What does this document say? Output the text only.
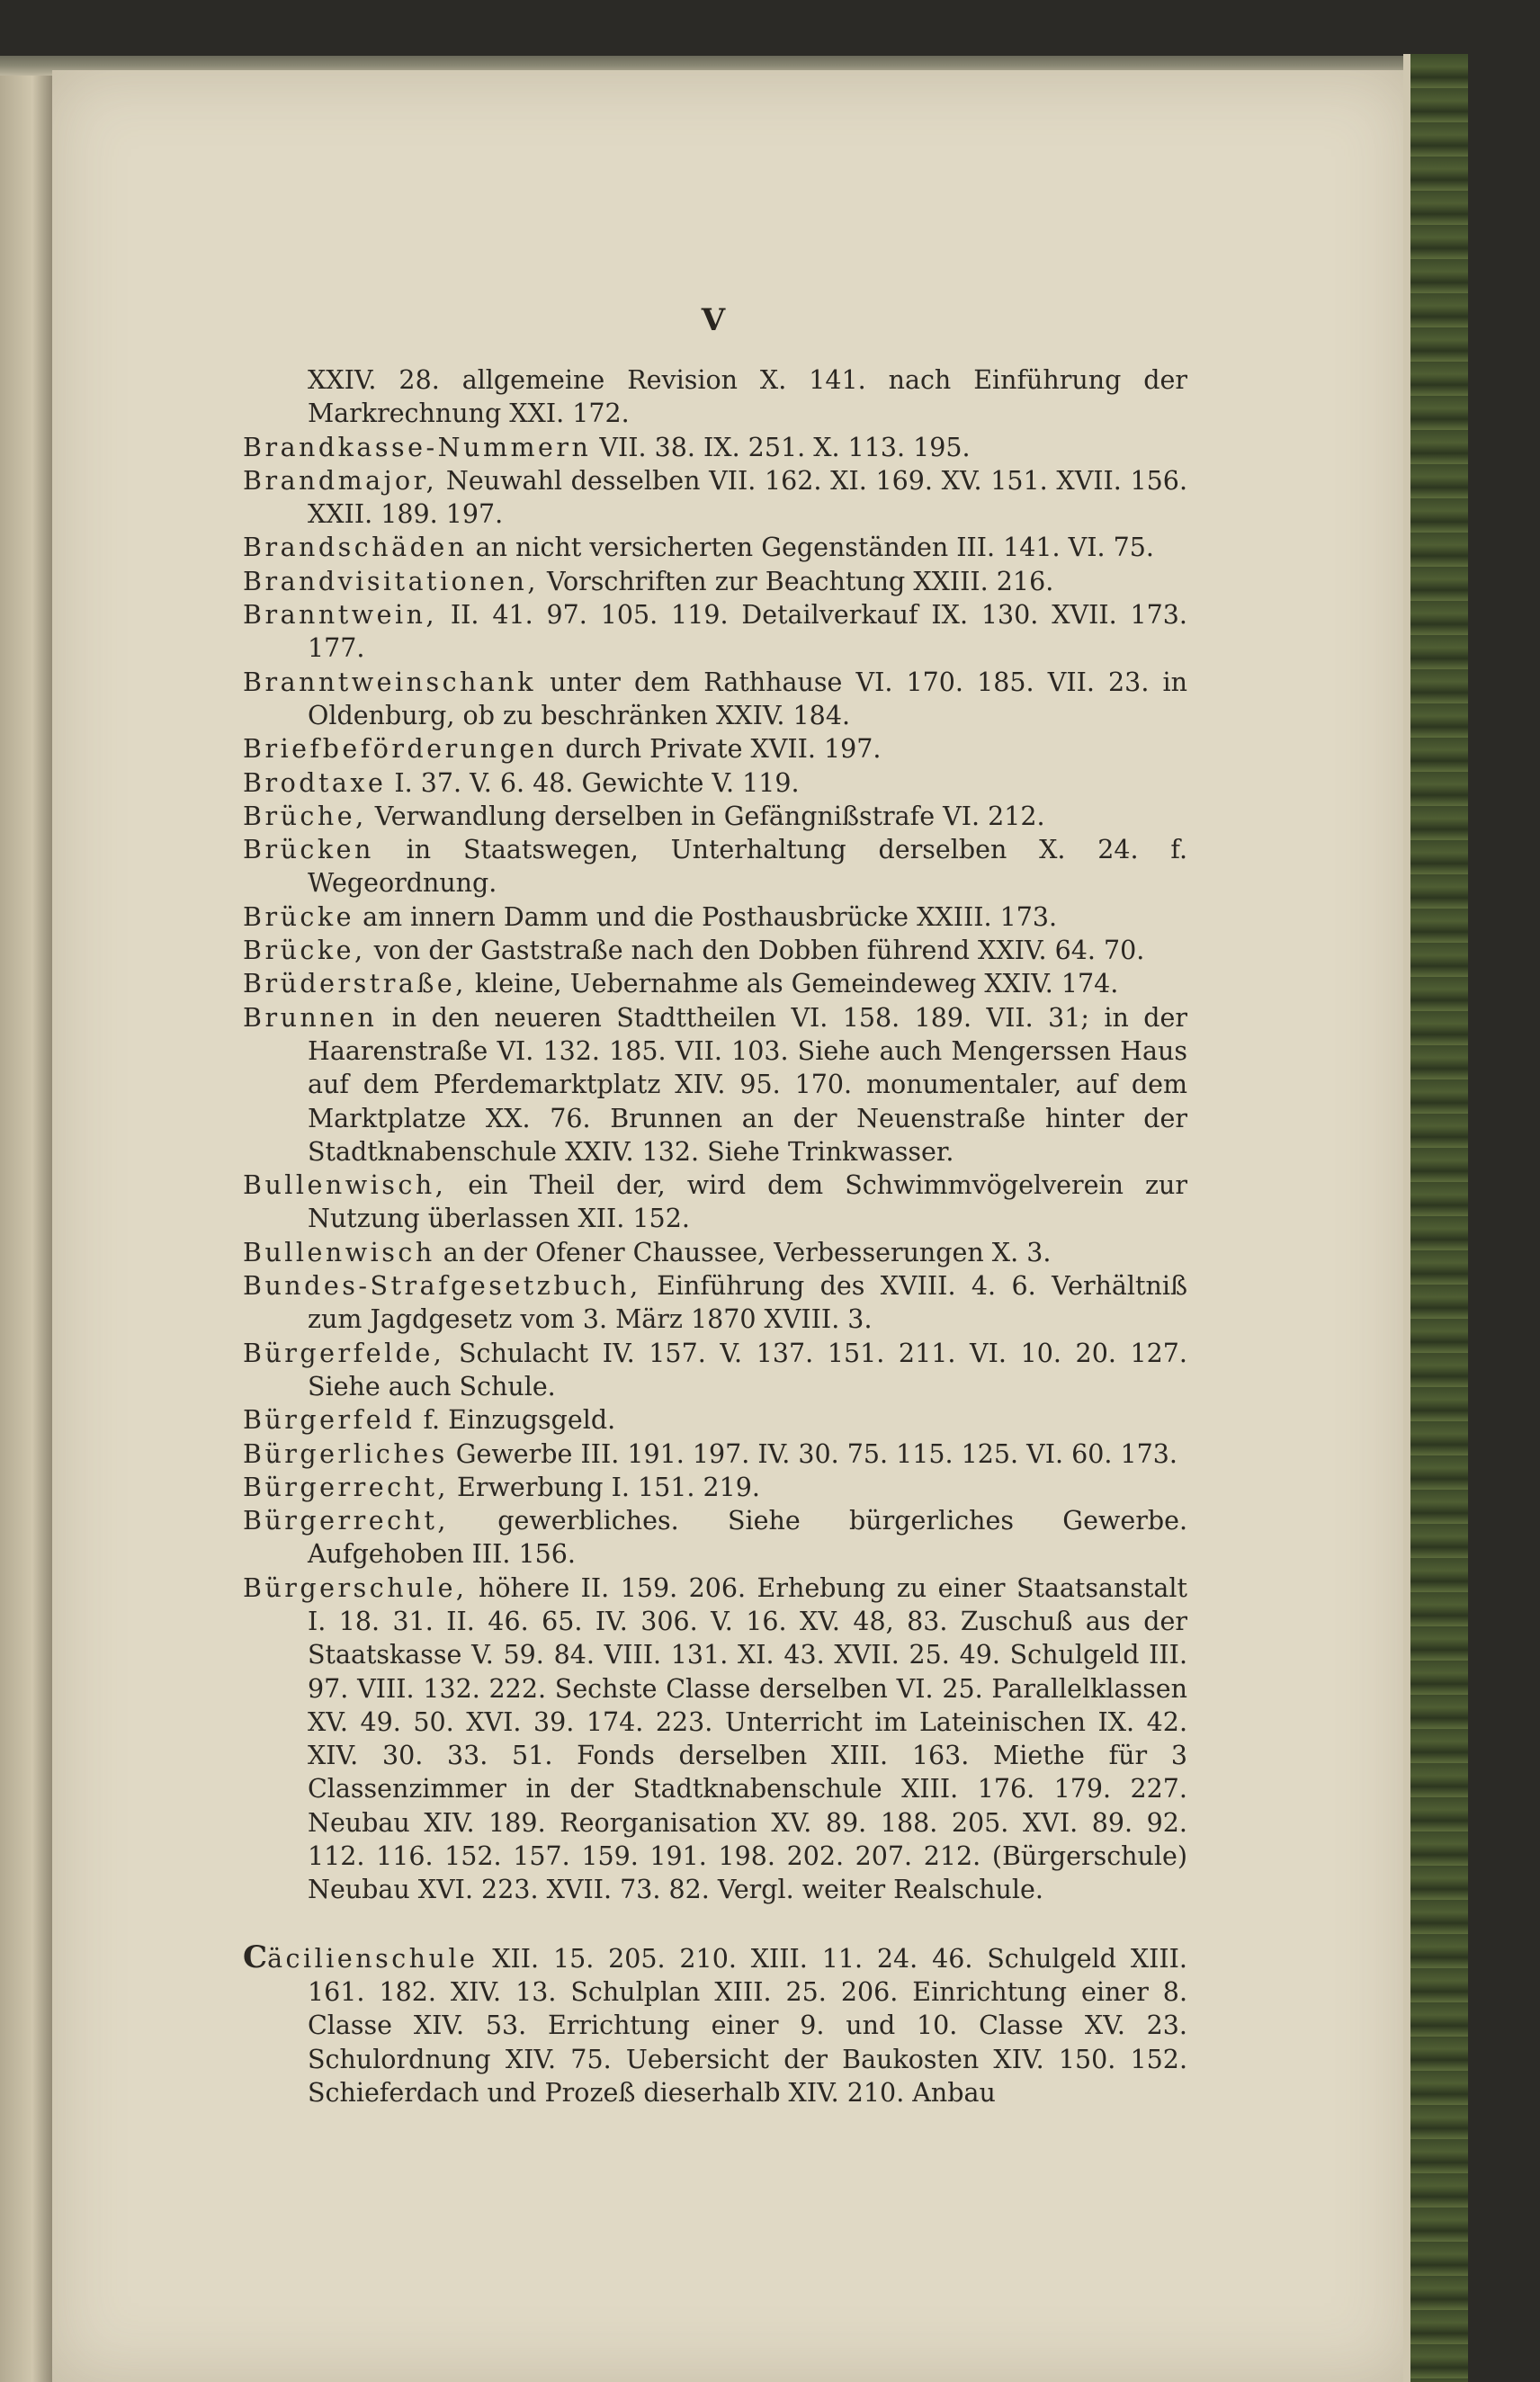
V
XXIV. 28. allgemeine Revision X. 141. nach Einführung der Markrechnung XXI. 172.
Brandkasse-Nummern VII. 38. IX. 251. X. 113. 195.
Brandmajor, Neuwahl desselben VII. 162. XI. 169. XV. 151. XVII. 156. XXII. 189. 197.
Brandschäden an nicht versicherten Gegenständen III. 141. VI. 75.
Brandvisitationen, Vorschriften zur Beachtung XXIII. 216.
Branntwein, II. 41. 97. 105. 119. Detailverkauf IX. 130. XVII. 173. 177.
Branntweinschank unter dem Rathhause VI. 170. 185. VII. 23. in Oldenburg, ob zu beschränken XXIV. 184.
Briefbeförderungen durch Private XVII. 197.
Brodtaxe I. 37. V. 6. 48. Gewichte V. 119.
Brüche, Verwandlung derselben in Gefängnißstrafe VI. 212.
Brücken in Staatswegen, Unterhaltung derselben X. 24. f. Wegeordnung.
Brücke am innern Damm und die Posthausbrücke XXIII. 173.
Brücke, von der Gaststraße nach den Dobben führend XXIV. 64. 70.
Brüderstraße, kleine, Uebernahme als Gemeindeweg XXIV. 174.
Brunnen in den neueren Stadttheilen VI. 158. 189. VII. 31; in der Haarenstraße VI. 132. 185. VII. 103. Siehe auch Mengerssen Haus auf dem Pferdemarktplatz XIV. 95. 170. monumentaler, auf dem Marktplatze XX. 76. Brunnen an der Neuenstraße hinter der Stadtknabenschule XXIV. 132. Siehe Trinkwasser.
Bullenwisch, ein Theil der, wird dem Schwimmvögelverein zur Nutzung überlassen XII. 152.
Bullenwisch an der Ofener Chaussee, Verbesserungen X. 3.
Bundes-Strafgesetzbuch, Einführung des XVIII. 4. 6. Verhältniß zum Jagdgesetz vom 3. März 1870 XVIII. 3.
Bürgerfelde, Schulacht IV. 157. V. 137. 151. 211. VI. 10. 20. 127. Siehe auch Schule.
Bürgerfeld f. Einzugsgeld.
Bürgerliches Gewerbe III. 191. 197. IV. 30. 75. 115. 125. VI. 60. 173.
Bürgerrecht, Erwerbung I. 151. 219.
Bürgerrecht, gewerbliches. Siehe bürgerliches Gewerbe. Aufgehoben III. 156.
Bürgerschule, höhere II. 159. 206. Erhebung zu einer Staatsanstalt I. 18. 31. II. 46. 65. IV. 306. V. 16. XV. 48, 83. Zuschuß aus der Staatskasse V. 59. 84. VIII. 131. XI. 43. XVII. 25. 49. Schulgeld III. 97. VIII. 132. 222. Sechste Classe derselben VI. 25. Parallelklassen XV. 49. 50. XVI. 39. 174. 223. Unterricht im Lateinischen IX. 42. XIV. 30. 33. 51. Fonds derselben XIII. 163. Miethe für 3 Classenzimmer in der Stadtknabenschule XIII. 176. 179. 227. Neubau XIV. 189. Reorganisation XV. 89. 188. 205. XVI. 89. 92. 112. 116. 152. 157. 159. 191. 198. 202. 207. 212. (Bürgerschule) Neubau XVI. 223. XVII. 73. 82. Vergl. weiter Realschule.
Cäcilienschule XII. 15. 205. 210. XIII. 11. 24. 46. Schulgeld XIII. 161. 182. XIV. 13. Schulplan XIII. 25. 206. Einrichtung einer 8. Classe XIV. 53. Errichtung einer 9. und 10. Classe XV. 23. Schulordnung XIV. 75. Uebersicht der Baukosten XIV. 150. 152. Schieferdach und Prozeß dieserhalb XIV. 210. Anbau
